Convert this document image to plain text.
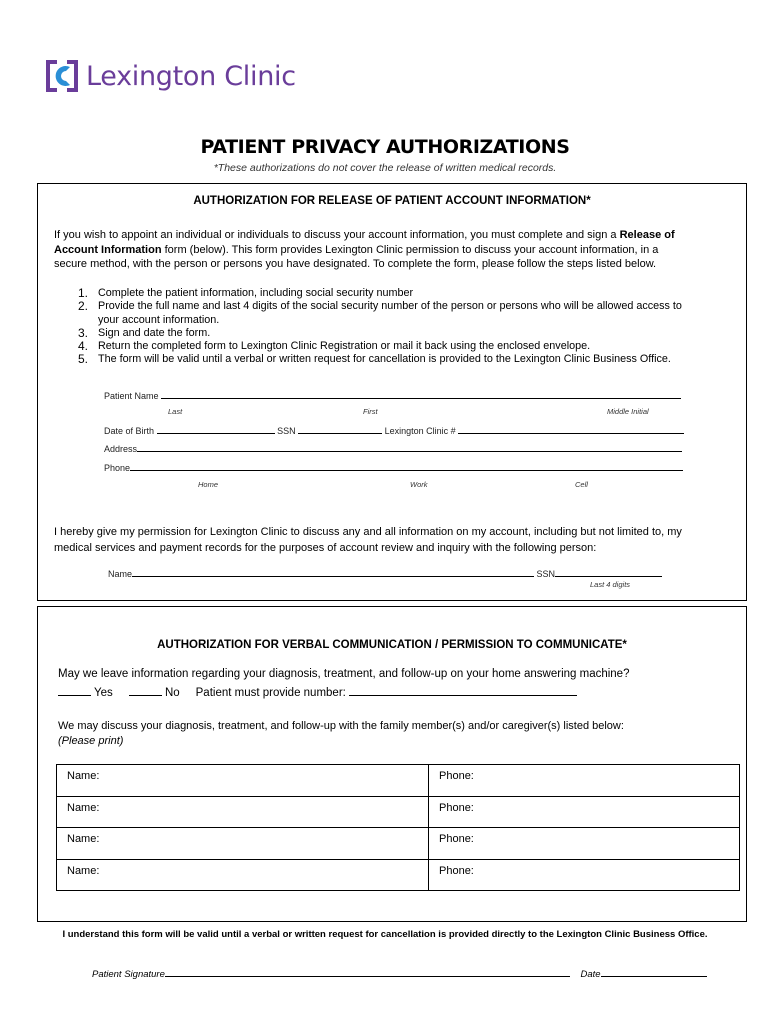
Lexington Clinic
PATIENT PRIVACY AUTHORIZATIONS
*These authorizations do not cover the release of written medical records.
AUTHORIZATION FOR RELEASE OF PATIENT ACCOUNT INFORMATION*
If you wish to appoint an individual or individuals to discuss your account information, you must complete and sign a Release of
Account Information form (below). This form provides Lexington Clinic permission to discuss your account information, in a
secure method, with the person or persons you have designated. To complete the form, please follow the steps listed below.
1. Complete the patient information, including social security number
2. Provide the full name and last 4 digits of the social security number of the person or persons who will be allowed access to your account information.
3. Sign and date the form.
4. Return the completed form to Lexington Clinic Registration or mail it back using the enclosed envelope.
5. The form will be valid until a verbal or written request for cancellation is provided to the Lexington Clinic Business Office.
Patient Name
Last	First	Middle Initial
Date of Birth	SSN	Lexington Clinic #
Address
Phone
Home	Work	Cell
I hereby give my permission for Lexington Clinic to discuss any and all information on my account, including but not limited to, my
medical services and payment records for the purposes of account review and inquiry with the following person:
Name	SSN
Last 4 digits
AUTHORIZATION FOR VERBAL COMMUNICATION / PERMISSION TO COMMUNICATE*
May we leave information regarding your diagnosis, treatment, and follow-up on your home answering machine?
Yes	No Patient must provide number:
We may discuss your diagnosis, treatment, and follow-up with the family member(s) and/or caregiver(s) listed below:
(Please print)
Name:	Phone:
Name:	Phone:
Name:	Phone:
Name:	Phone:
I understand this form will be valid until a verbal or written request for cancellation is provided directly to the Lexington Clinic Business Office.
Patient Signature	Date
